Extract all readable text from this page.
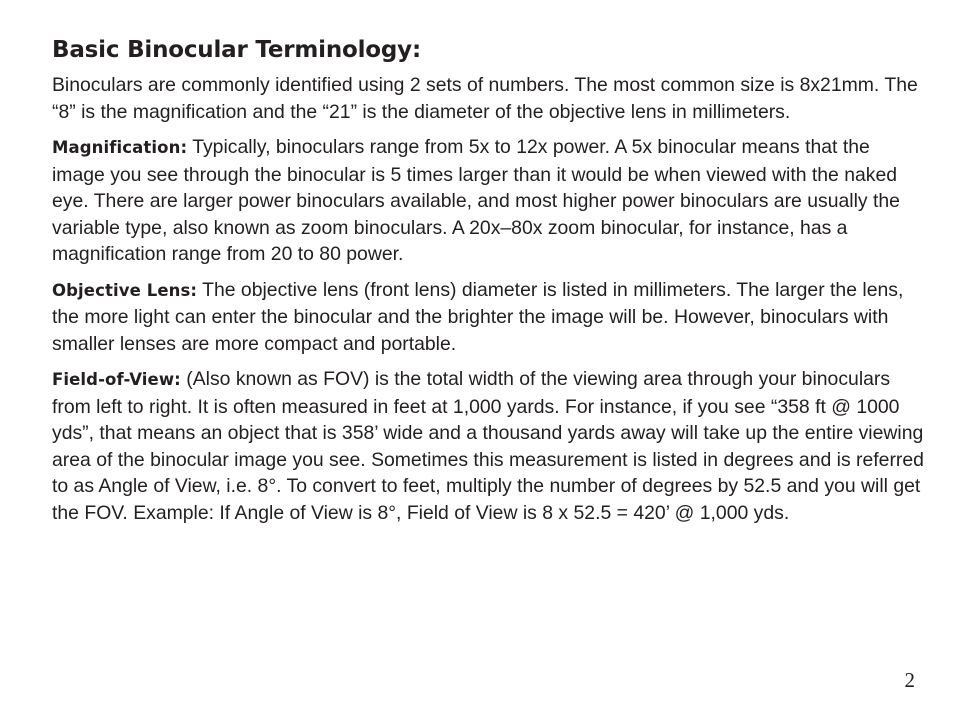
Basic Binocular Terminology:

Binoculars are commonly identified using 2 sets of numbers. The most common size is 8x21mm. The “8” is the magnification and the “21” is the diameter of the objective lens in millimeters.

Magnification: Typically, binoculars range from 5x to 12x power. A 5x binocular means that the image you see through the binocular is 5 times larger than it would be when viewed with the naked eye. There are larger power binoculars available, and most higher power binoculars are usually the variable type, also known as zoom binoculars. A 20x–80x zoom binocular, for instance, has a magnification range from 20 to 80 power.

Objective Lens: The objective lens (front lens) diameter is listed in millimeters. The larger the lens, the more light can enter the binocular and the brighter the image will be. However, binoculars with smaller lenses are more compact and portable.

Field-of-View: (Also known as FOV) is the total width of the viewing area through your binoculars from left to right. It is often measured in feet at 1,000 yards. For instance, if you see “358 ft @ 1000 yds”, that means an object that is 358’ wide and a thousand yards away will take up the entire viewing area of the binocular image you see. Sometimes this measurement is listed in degrees and is referred to as Angle of View, i.e. 8°. To convert to feet, multiply the number of degrees by 52.5 and you will get the FOV. Example: If Angle of View is 8°, Field of View is 8 x 52.5 = 420’ @ 1,000 yds.

2
